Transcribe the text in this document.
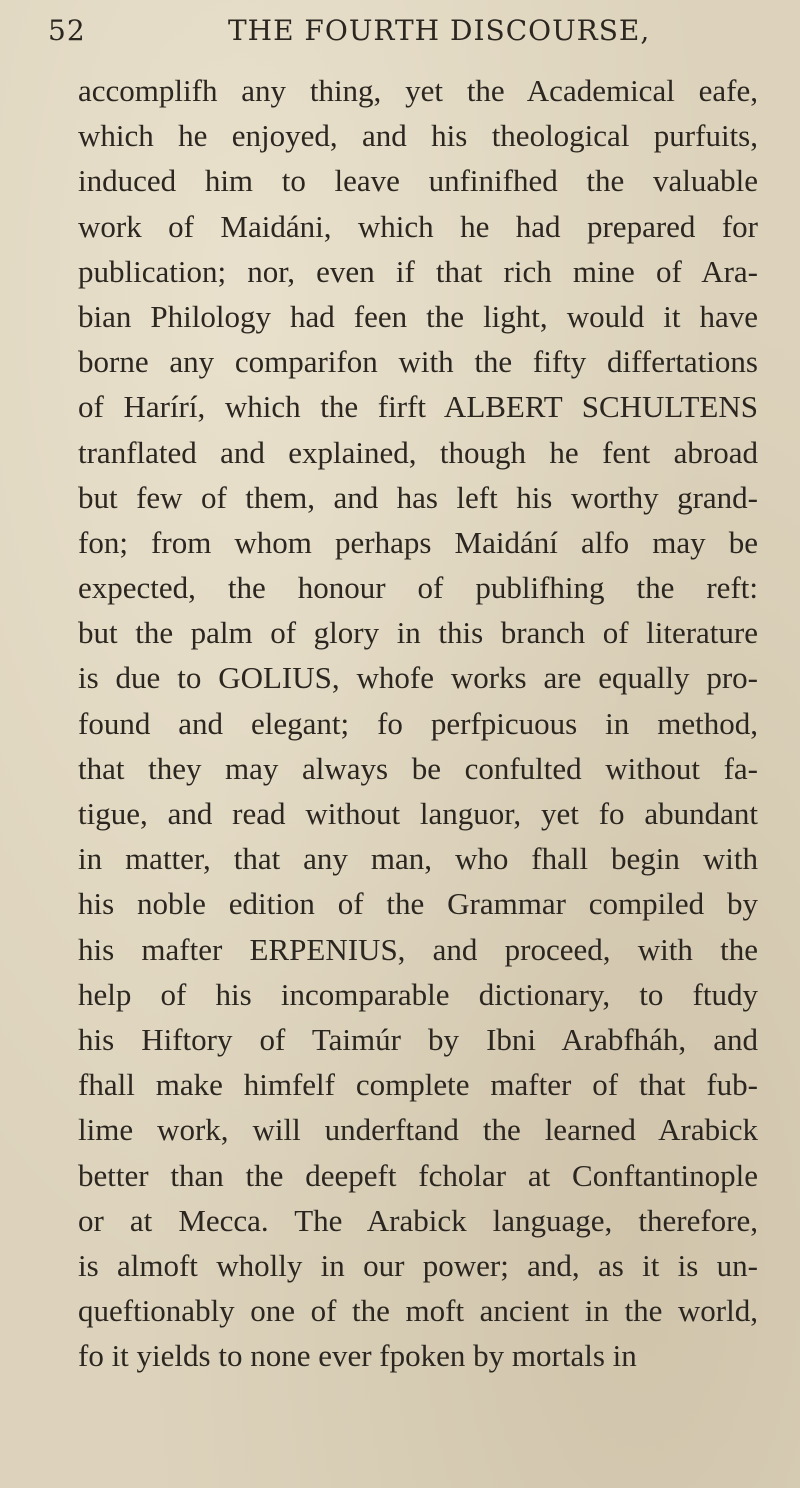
52	THE FOURTH DISCOURSE,
accomplifh any thing, yet the Academical eafe,
which he enjoyed, and his theological purfuits,
induced him to leave unfinifhed the valuable
work of Maidáni, which he had prepared for
publication; nor, even if that rich mine of Ara-
bian Philology had feen the light, would it have
borne any comparifon with the fifty differtations
of Harírí, which the firft ALBERT SCHULTENS
tranflated and explained, though he fent abroad
but few of them, and has left his worthy grand-
fon; from whom perhaps Maidání alfo may be
expected, the honour of publifhing the reft:
but the palm of glory in this branch of literature
is due to GOLIUS, whofe works are equally pro-
found and elegant; fo perfpicuous in method,
that they may always be confulted without fa-
tigue, and read without languor, yet fo abundant
in matter, that any man, who fhall begin with
his noble edition of the Grammar compiled by
his mafter ERPENIUS, and proceed, with the
help of his incomparable dictionary, to ftudy
his Hiftory of Taimúr by Ibni Arabfháh, and
fhall make himfelf complete mafter of that fub-
lime work, will underftand the learned Arabick
better than the deepeft fcholar at Conftantinople
or at Mecca. The Arabick language, therefore,
is almoft wholly in our power; and, as it is un-
queftionably one of the moft ancient in the world,
fo it yields to none ever fpoken by mortals in
